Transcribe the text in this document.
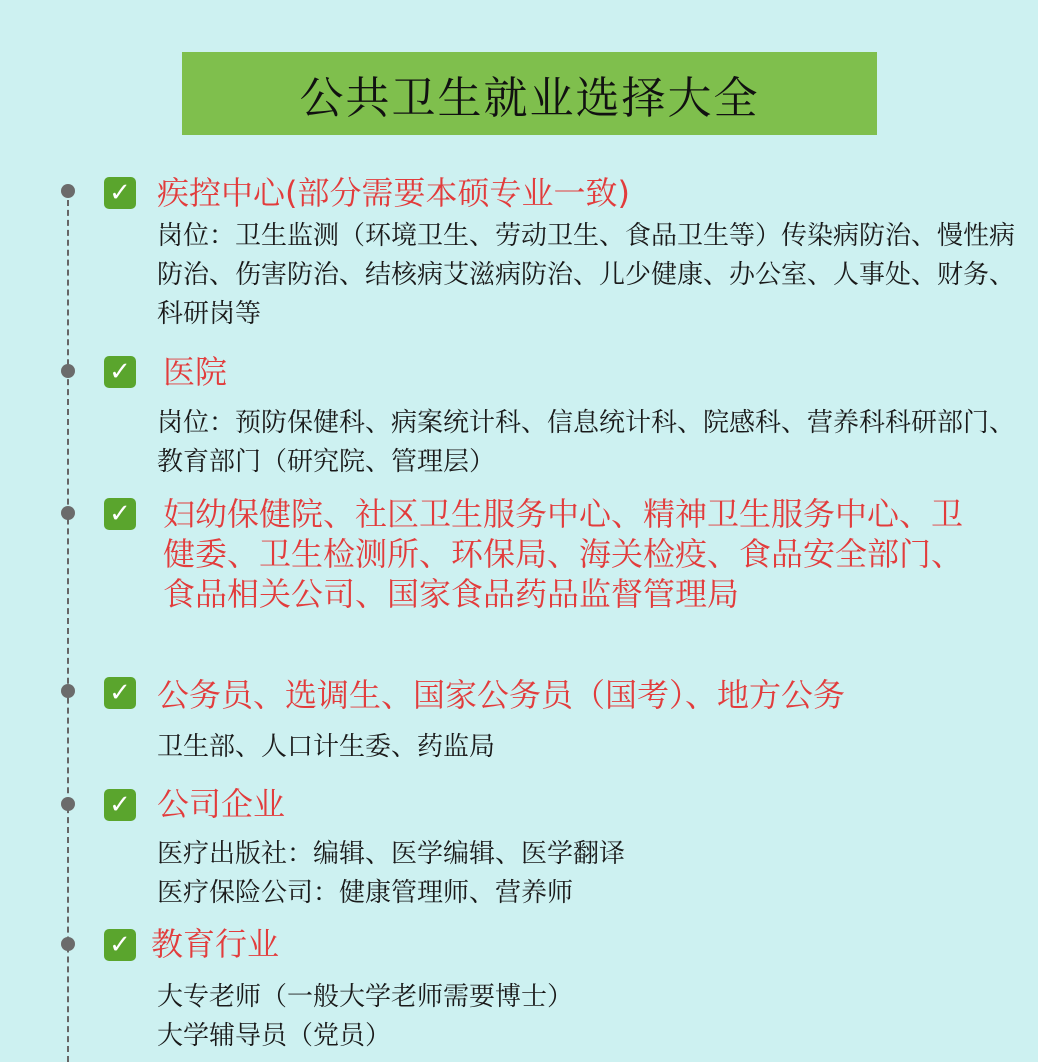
公共卫生就业选择大全
✓ 疾控中心(部分需要本硕专业一致)
岗位：卫生监测（环境卫生、劳动卫生、食品卫生等）传染病防治、慢性病防治、伤害防治、结核病艾滋病防治、儿少健康、办公室、人事处、财务、科研岗等
✓ 医院
岗位：预防保健科、病案统计科、信息统计科、院感科、营养科科研部门、教育部门（研究院、管理层）
✓ 妇幼保健院、社区卫生服务中心、精神卫生服务中心、卫健委、卫生检测所、环保局、海关检疫、食品安全部门、食品相关公司、国家食品药品监督管理局
✓ 公务员、选调生、国家公务员（国考）、地方公务
卫生部、人口计生委、药监局
✓ 公司企业
医疗出版社：编辑、医学编辑、医学翻译
医疗保险公司：健康管理师、营养师
✓ 教育行业
大专老师（一般大学老师需要博士）
大学辅导员（党员）
